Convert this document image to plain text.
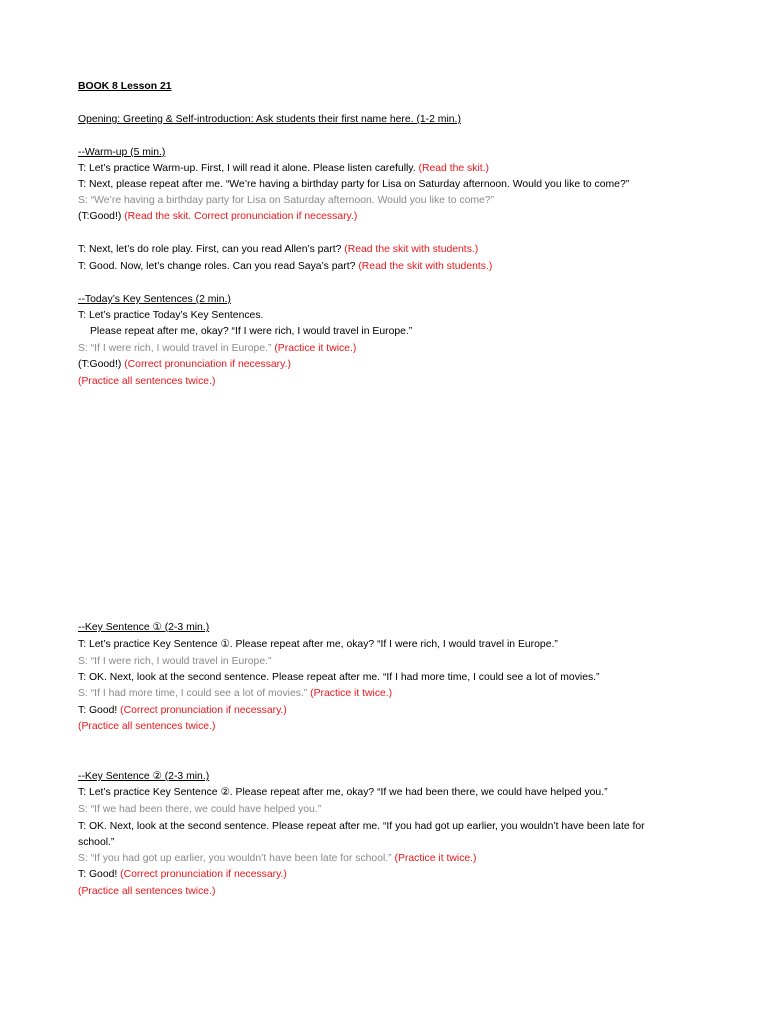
BOOK 8 Lesson 21
Opening: Greeting & Self-introduction: Ask students their first name here. (1-2 min.)
--Warm-up (5 min.)
T: Let’s practice Warm-up. First, I will read it alone. Please listen carefully. (Read the skit.)
T: Next, please repeat after me. “We’re having a birthday party for Lisa on Saturday afternoon. Would you like to come?”
S: “We’re having a birthday party for Lisa on Saturday afternoon. Would you like to come?”
(T:Good!) (Read the skit. Correct pronunciation if necessary.)
T: Next, let’s do role play. First, can you read Allen’s part? (Read the skit with students.)
T: Good. Now, let’s change roles. Can you read Saya’s part? (Read the skit with students.)
--Today’s Key Sentences (2 min.)
T: Let’s practice Today’s Key Sentences.
Please repeat after me, okay? “If I were rich, I would travel in Europe.”
S: “If I were rich, I would travel in Europe.” (Practice it twice.)
(T:Good!) (Correct pronunciation if necessary.)
(Practice all sentences twice.)
--Key Sentence ① (2-3 min.)
T: Let’s practice Key Sentence ①. Please repeat after me, okay? “If I were rich, I would travel in Europe.”
S: “If I were rich, I would travel in Europe.”
T: OK. Next, look at the second sentence. Please repeat after me. “If I had more time, I could see a lot of movies.”
S: “If I had more time, I could see a lot of movies.” (Practice it twice.)
T: Good! (Correct pronunciation if necessary.)
(Practice all sentences twice.)
--Key Sentence ② (2-3 min.)
T: Let’s practice Key Sentence ②. Please repeat after me, okay? “If we had been there, we could have helped you.”
S: “If we had been there, we could have helped you.”
T: OK. Next, look at the second sentence. Please repeat after me. “If you had got up earlier, you wouldn’t have been late for
school.”
S: “If you had got up earlier, you wouldn’t have been late for school.” (Practice it twice.)
T: Good! (Correct pronunciation if necessary.)
(Practice all sentences twice.)
